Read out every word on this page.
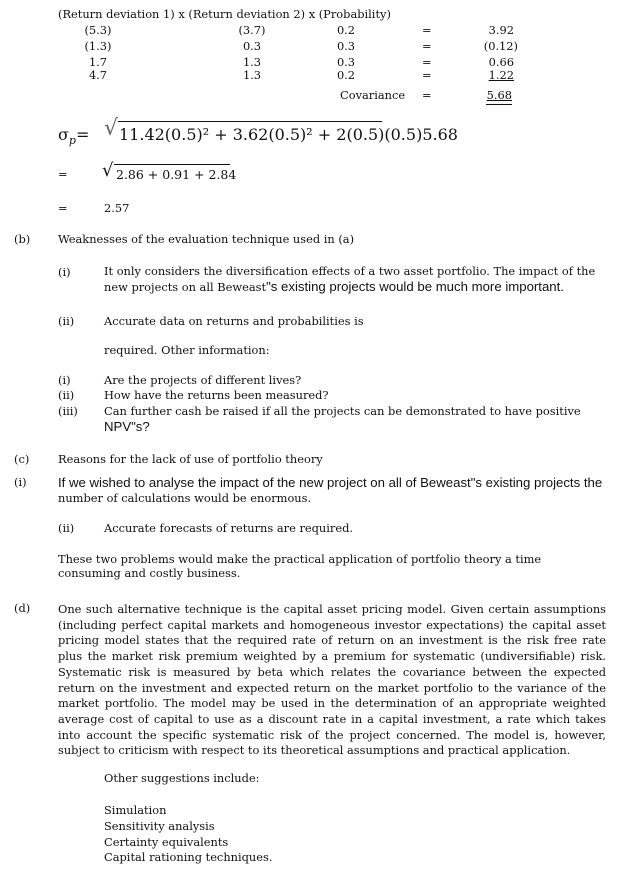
(Return deviation 1) x (Return deviation 2) x (Probability)
(5.3)	(3.7)	0.2	=	3.92
(1.3)	0.3	0.3	=	(0.12)
1.7	1.3	0.3	=	0.66
4.7	1.3	0.2	=	1.22
Covariance =	5.68
$\sigma_p=$ √ 11.42(0.5)² + 3.62(0.5)² + 2(0.5)(0.5)5.68
= √ 2.86 + 0.91 + 2.84
=	2.57
(b) Weaknesses of the evaluation technique used in (a)
(i)	It only considers the diversification effects of a two asset portfolio. The impact of the new projects on all Beweast"s existing projects would be much more important.
(ii)	Accurate data on returns and probabilities is
required. Other information:
(i)	Are the projects of different lives?
(ii)	How have the returns been measured?
(iii) Can further cash be raised if all the projects can be demonstrated to have positive
NPV"s?
(c)	Reasons for the lack of use of portfolio theory
(i) If we wished to analyse the impact of the new project on all of Beweast"s existing projects the
number of calculations would be enormous.
(ii)	Accurate forecasts of returns are required.
These two problems would make the practical application of portfolio theory a time consuming and costly business.
(d) One such alternative technique is the capital asset pricing model. Given certain assumptions (including perfect capital markets and homogeneous investor expectations) the capital asset pricing model states that the required rate of return on an investment is the risk free rate plus the market risk premium weighted by a premium for systematic (undiversifiable) risk. Systematic risk is measured by beta which relates the covariance between the expected return on the investment and expected return on the market portfolio to the variance of the market portfolio. The model may be used in the determination of an appropriate weighted average cost of capital to use as a discount rate in a capital investment, a rate which takes into account the specific systematic risk of the project concerned. The model is, however, subject to criticism with respect to its theoretical assumptions and practical application.
Other suggestions include:
Simulation
Sensitivity analysis
Certainty equivalents
Capital rationing techniques.
